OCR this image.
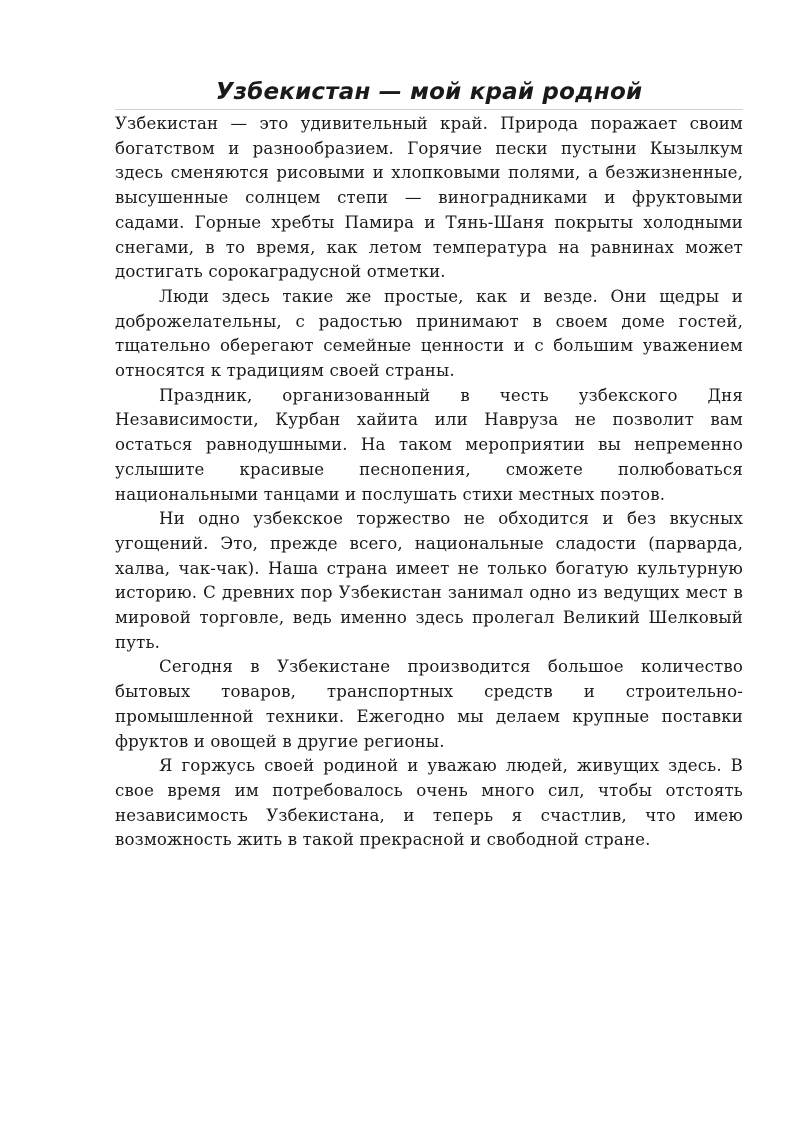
Узбекистан — мой край родной

Узбекистан — это удивительный край. Природа поражает своим богатством и разнообразием. Горячие пески пустыни Кызылкум здесь сменяются рисовыми и хлопковыми полями, а безжизненные, высушенные солнцем степи — виноградниками и фруктовыми садами. Горные хребты Памира и Тянь-Шаня покрыты холодными снегами, в то время, как летом температура на равнинах может достигать сорокаградусной отметки.

Люди здесь такие же простые, как и везде. Они щедры и доброжелательны, с радостью принимают в своем доме гостей, тщательно оберегают семейные ценности и с большим уважением относятся к традициям своей страны.

Праздник, организованный в честь узбекского Дня Независимости, Курбан хайита или Навруза не позволит вам остаться равнодушными. На таком мероприятии вы непременно услышите красивые песнопения, сможете полюбоваться национальными танцами и послушать стихи местных поэтов.

Ни одно узбекское торжество не обходится и без вкусных угощений. Это, прежде всего, национальные сладости (парварда, халва, чак-чак). Наша страна имеет не только богатую культурную историю. С древних пор Узбекистан занимал одно из ведущих мест в мировой торговле, ведь именно здесь пролегал Великий Шелковый путь.

Сегодня в Узбекистане производится большое количество бытовых товаров, транспортных средств и строительно-промышленной техники. Ежегодно мы делаем крупные поставки фруктов и овощей в другие регионы.

Я горжусь своей родиной и уважаю людей, живущих здесь. В свое время им потребовалось очень много сил, чтобы отстоять независимость Узбекистана, и теперь я счастлив, что имею возможность жить в такой прекрасной и свободной стране.
